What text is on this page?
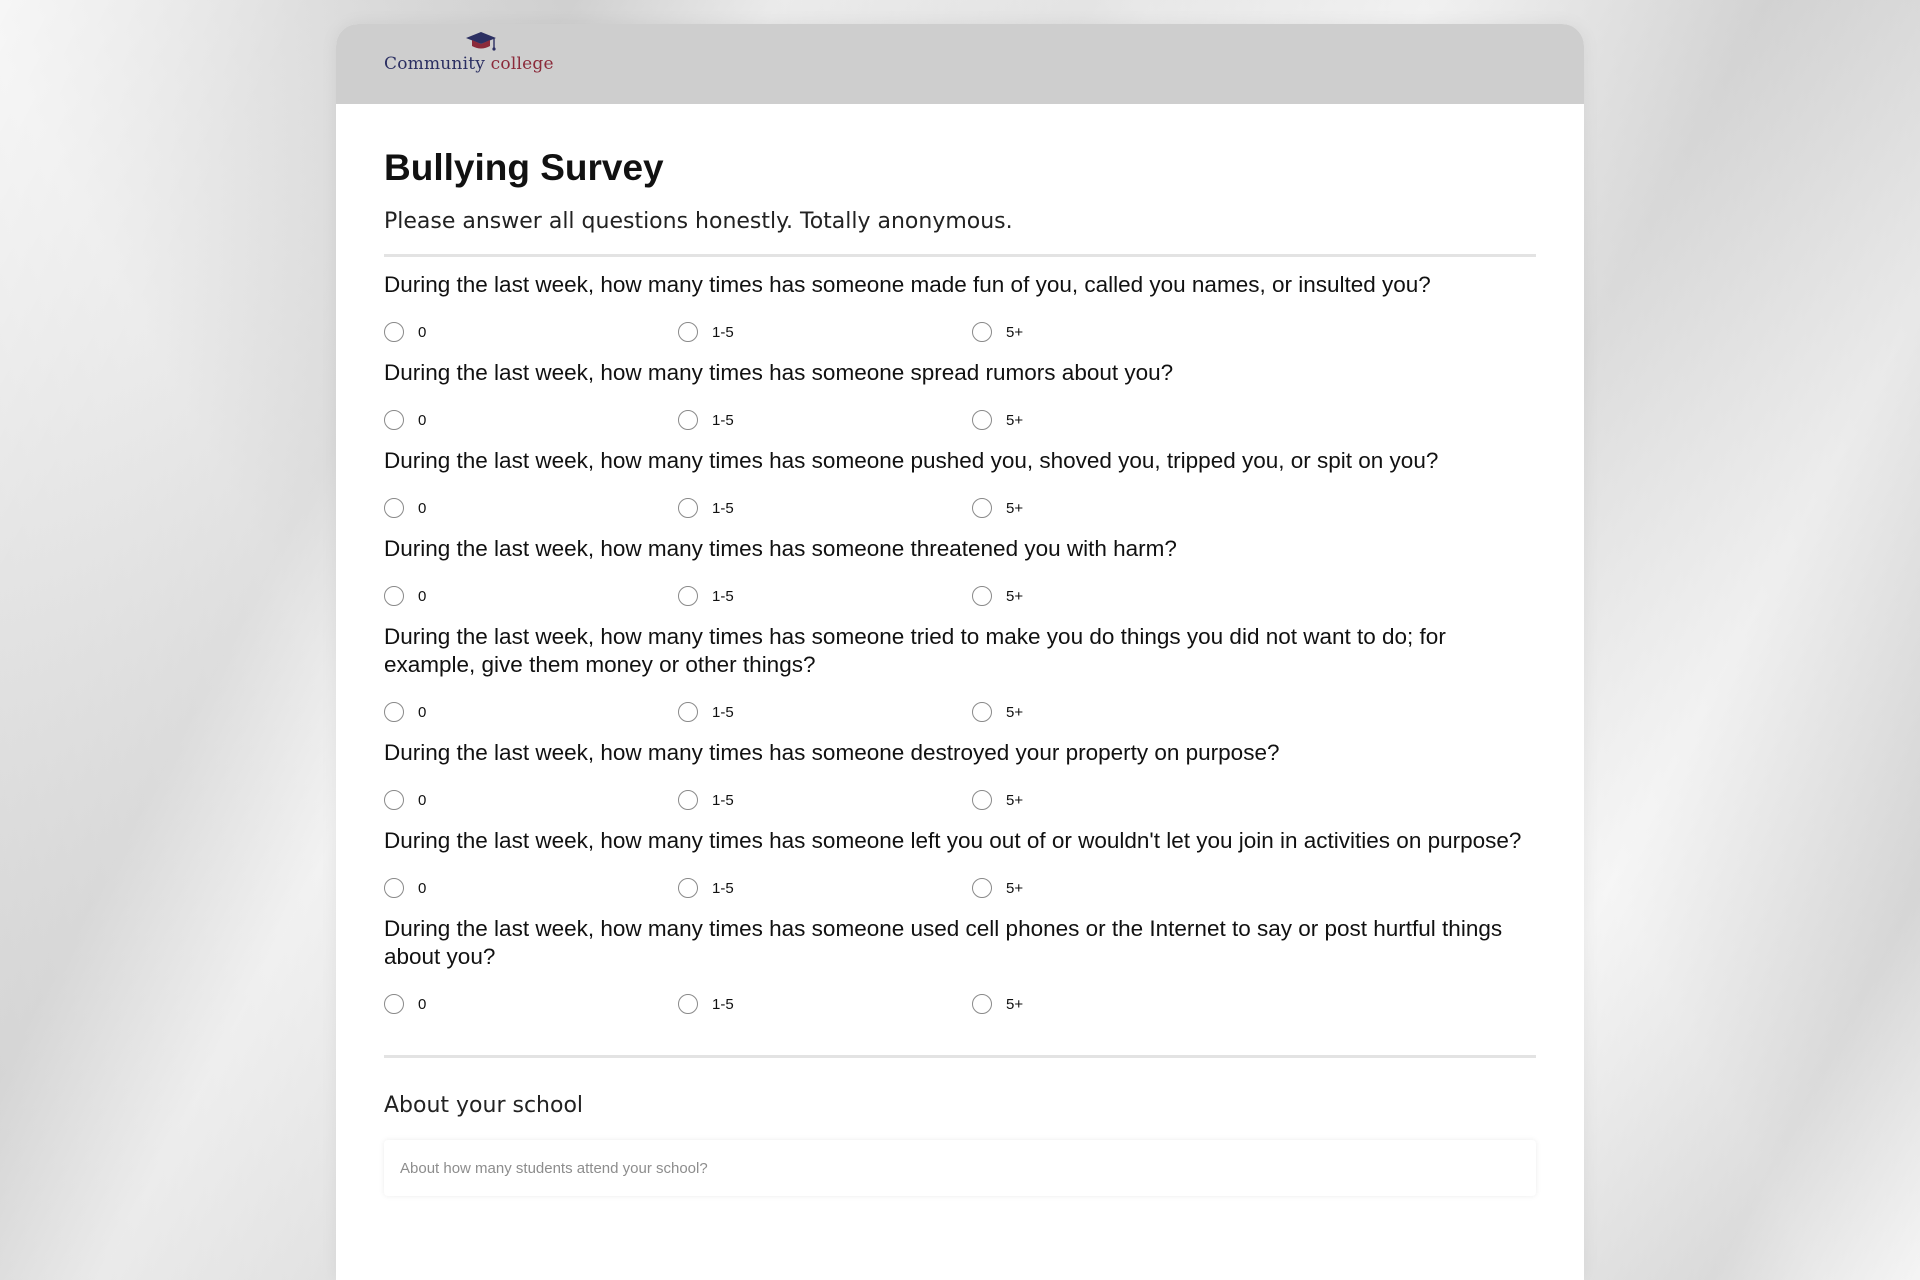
Community college
Bullying Survey
Please answer all questions honestly. Totally anonymous.
During the last week, how many times has someone made fun of you, called you names, or insulted you?
0	1-5	5+
During the last week, how many times has someone spread rumors about you?
0	1-5	5+
During the last week, how many times has someone pushed you, shoved you, tripped you, or spit on you?
0	1-5	5+
During the last week, how many times has someone threatened you with harm?
0	1-5	5+
During the last week, how many times has someone tried to make you do things you did not want to do; for example, give them money or other things?
0	1-5	5+
During the last week, how many times has someone destroyed your property on purpose?
0	1-5	5+
During the last week, how many times has someone left you out of or wouldn't let you join in activities on purpose?
0	1-5	5+
During the last week, how many times has someone used cell phones or the Internet to say or post hurtful things about you?
0	1-5	5+
About your school
About how many students attend your school?
